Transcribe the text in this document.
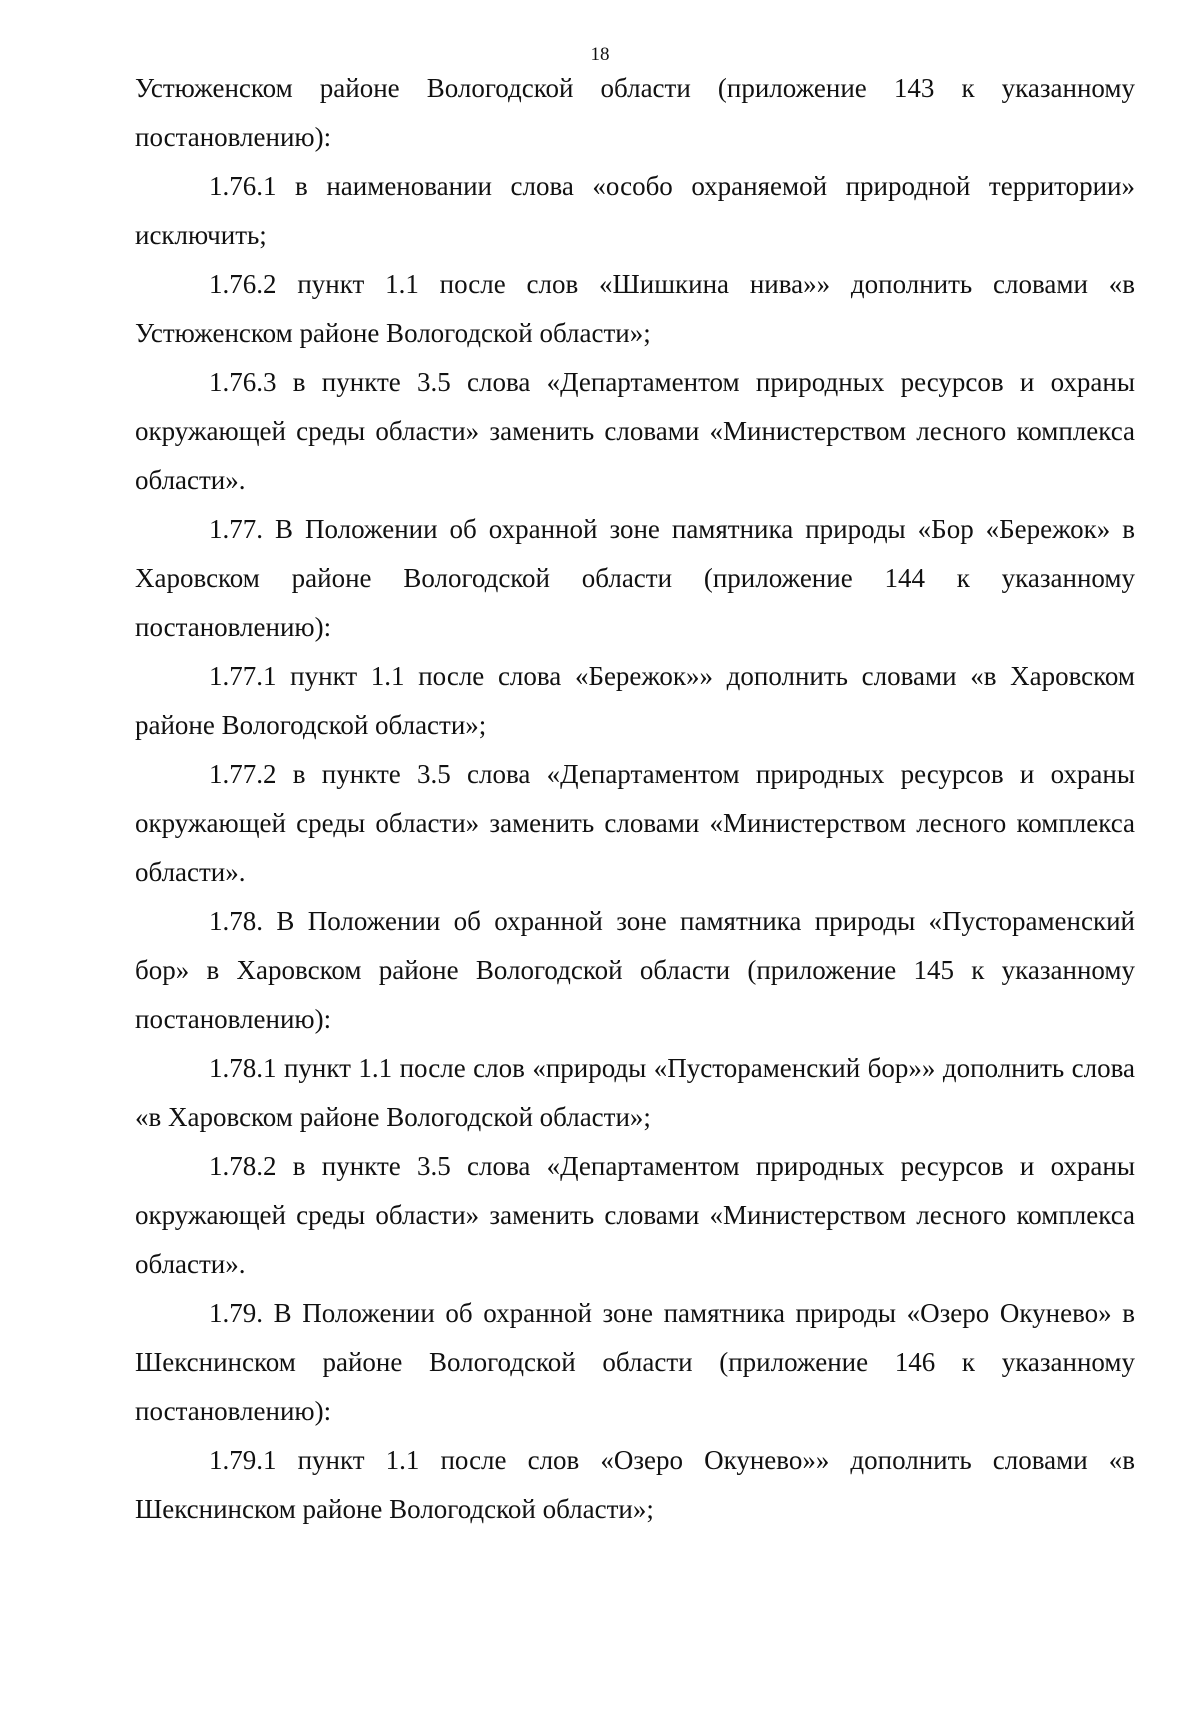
18

Устюженском районе Вологодской области (приложение 143 к указанному постановлению):

1.76.1 в наименовании слова «особо охраняемой природной территории» исключить;

1.76.2 пункт 1.1 после слов «Шишкина нива»» дополнить словами «в Устюженском районе Вологодской области»;

1.76.3 в пункте 3.5 слова «Департаментом природных ресурсов и охраны окружающей среды области» заменить словами «Министерством лесного комплекса области».

1.77. В Положении об охранной зоне памятника природы «Бор «Бережок» в Харовском районе Вологодской области (приложение 144 к указанному постановлению):

1.77.1 пункт 1.1 после слова «Бережок»» дополнить словами «в Харовском районе Вологодской области»;

1.77.2 в пункте 3.5 слова «Департаментом природных ресурсов и охраны окружающей среды области» заменить словами «Министерством лесного комплекса области».

1.78. В Положении об охранной зоне памятника природы «Пустораменский бор» в Харовском районе Вологодской области (приложение 145 к указанному постановлению):

1.78.1 пункт 1.1 после слов «природы «Пустораменский бор»» дополнить слова «в Харовском районе Вологодской области»;

1.78.2 в пункте 3.5 слова «Департаментом природных ресурсов и охраны окружающей среды области» заменить словами «Министерством лесного комплекса области».

1.79. В Положении об охранной зоне памятника природы «Озеро Окунево» в Шекснинском районе Вологодской области (приложение 146 к указанному постановлению):

1.79.1 пункт 1.1 после слов «Озеро Окунево»» дополнить словами «в Шекснинском районе Вологодской области»;
